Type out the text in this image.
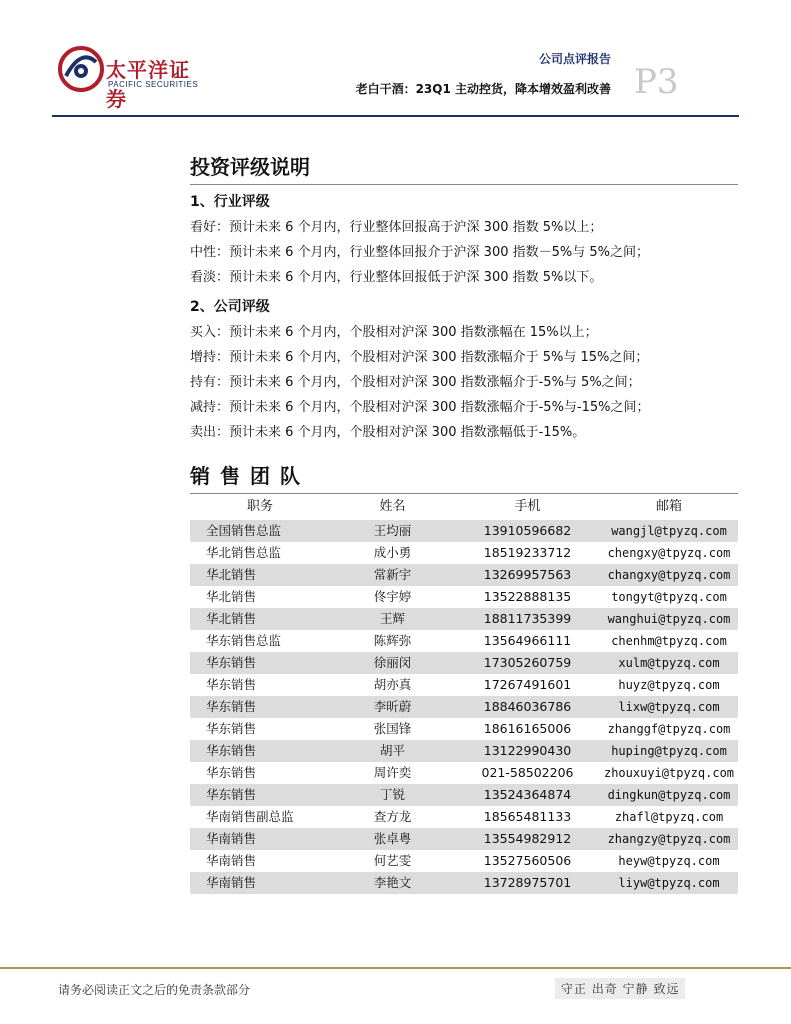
太平洋证券
PACIFIC SECURITIES
公司点评报告
老白干酒：23Q1 主动控货，降本增效盈利改善 P3
投资评级说明
1、行业评级
看好：预计未来 6 个月内，行业整体回报高于沪深 300 指数 5%以上；
中性：预计未来 6 个月内，行业整体回报介于沪深 300 指数－5%与 5%之间；
看淡：预计未来 6 个月内，行业整体回报低于沪深 300 指数 5%以下。
2、公司评级
买入：预计未来 6 个月内，个股相对沪深 300 指数涨幅在 15%以上；
增持：预计未来 6 个月内，个股相对沪深 300 指数涨幅介于 5%与 15%之间；
持有：预计未来 6 个月内，个股相对沪深 300 指数涨幅介于-5%与 5%之间；
减持：预计未来 6 个月内，个股相对沪深 300 指数涨幅介于-5%与-15%之间；
卖出：预计未来 6 个月内，个股相对沪深 300 指数涨幅低于-15%。
销售团队
职务	姓名	手机	邮箱
全国销售总监	王均丽	13910596682	wangjl@tpyzq.com
华北销售总监	成小勇	18519233712	chengxy@tpyzq.com
华北销售	常新宇	13269957563	changxy@tpyzq.com
华北销售	佟宇婷	13522888135	tongyt@tpyzq.com
华北销售	王辉	18811735399	wanghui@tpyzq.com
华东销售总监	陈辉弥	13564966111	chenhm@tpyzq.com
华东销售	徐丽闵	17305260759	xulm@tpyzq.com
华东销售	胡亦真	17267491601	huyz@tpyzq.com
华东销售	李昕蔚	18846036786	lixw@tpyzq.com
华东销售	张国锋	18616165006	zhanggf@tpyzq.com
华东销售	胡平	13122990430	huping@tpyzq.com
华东销售	周许奕	021-58502206	zhouxuyi@tpyzq.com
华东销售	丁锐	13524364874	dingkun@tpyzq.com
华南销售副总监	查方龙	18565481133	zhafl@tpyzq.com
华南销售	张卓粤	13554982912	zhangzy@tpyzq.com
华南销售	何艺雯	13527560506	heyw@tpyzq.com
华南销售	李艳文	13728975701	liyw@tpyzq.com
请务必阅读正文之后的免责条款部分	守正 出奇 宁静 致远
